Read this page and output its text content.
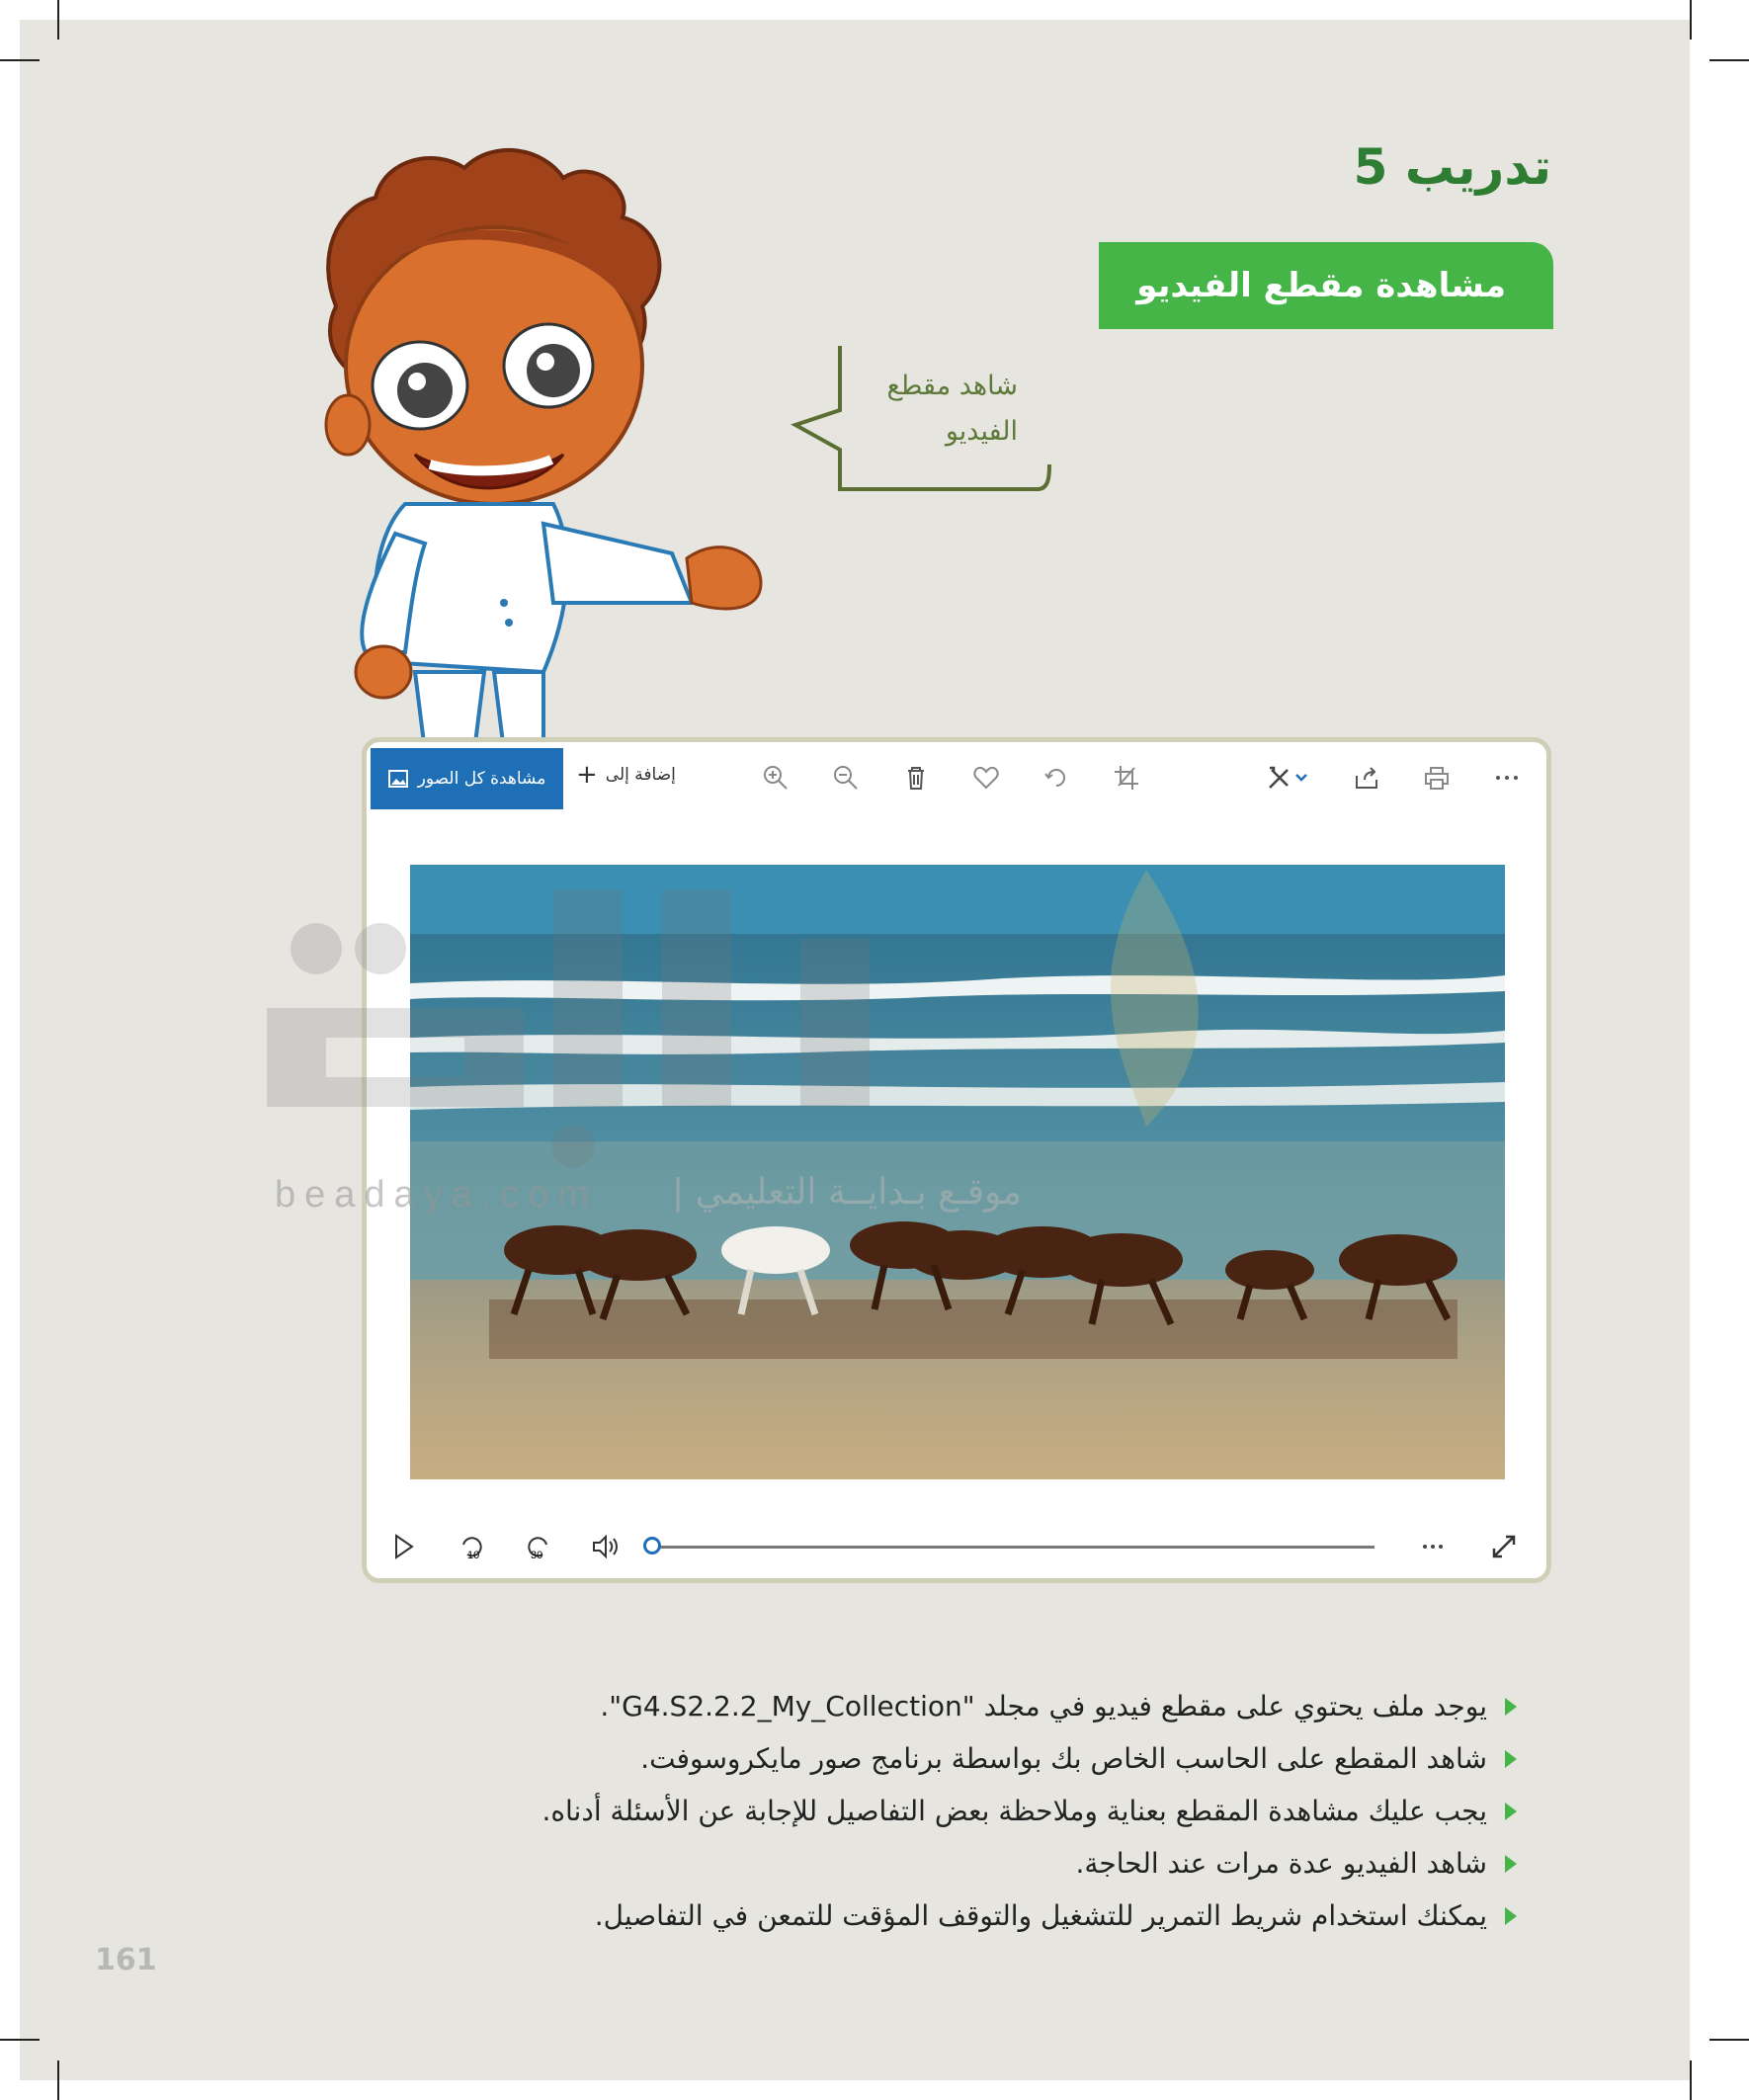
تدريب 5
مشاهدة مقطع الفيديو
شاهد مقطع
الفيديو
مشاهدة كل الصور	إضافة إلى
+
10	30
beadaya.com موقـع بـدايــة التعليمي |
يوجد ملف يحتوي على مقطع فيديو في مجلد "G4.S2.2.2_My_Collection".
شاهد المقطع على الحاسب الخاص بك بواسطة برنامج صور مايكروسوفت.
يجب عليك مشاهدة المقطع بعناية وملاحظة بعض التفاصيل للإجابة عن الأسئلة أدناه.
شاهد الفيديو عدة مرات عند الحاجة.
يمكنك استخدام شريط التمرير للتشغيل والتوقف المؤقت للتمعن في التفاصيل.
161
